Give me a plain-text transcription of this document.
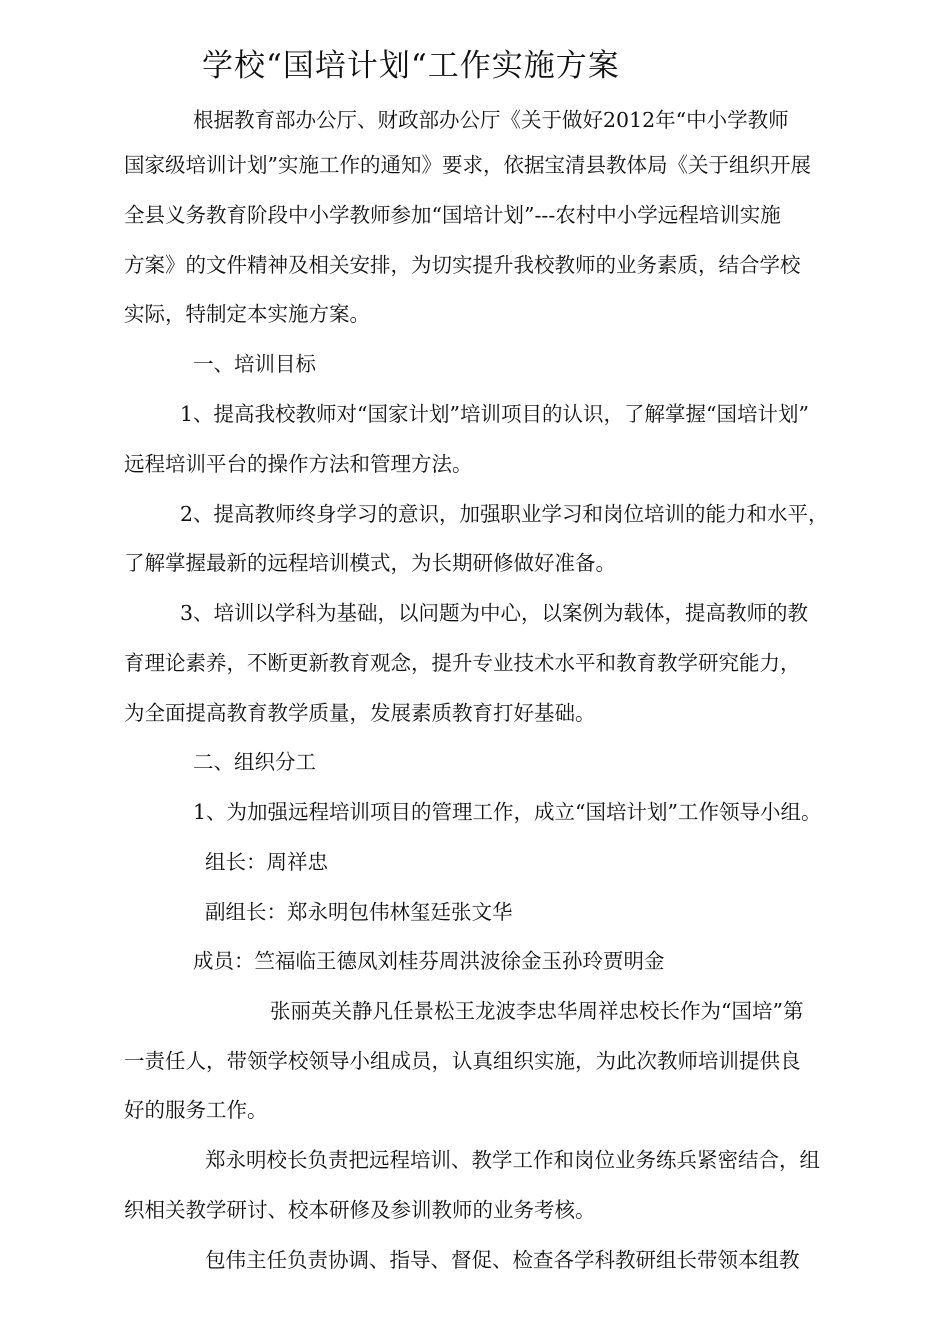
学校“国培计划“工作实施方案
根据教育部办公厅、财政部办公厅《关于做好2012年“中小学教师
国家级培训计划”实施工作的通知》要求，依据宝清县教体局《关于组织开展
全县义务教育阶段中小学教师参加“国培计划”---农村中小学远程培训实施
方案》的文件精神及相关安排，为切实提升我校教师的业务素质，结合学校
实际，特制定本实施方案。
一、培训目标
1、提高我校教师对“国家计划”培训项目的认识，了解掌握“国培计划”
远程培训平台的操作方法和管理方法。
2、提高教师终身学习的意识，加强职业学习和岗位培训的能力和水平，
了解掌握最新的远程培训模式，为长期研修做好准备。
3、培训以学科为基础，以问题为中心，以案例为载体，提高教师的教
育理论素养，不断更新教育观念，提升专业技术水平和教育教学研究能力，
为全面提高教育教学质量，发展素质教育打好基础。
二、组织分工
1、为加强远程培训项目的管理工作，成立“国培计划”工作领导小组。
组长：周祥忠
副组长：郑永明包伟林玺廷张文华
成员：竺福临王德凤刘桂芬周洪波徐金玉孙玲贾明金
张丽英关静凡任景松王龙波李忠华周祥忠校长作为“国培”第
一责任人，带领学校领导小组成员，认真组织实施，为此次教师培训提供良
好的服务工作。
郑永明校长负责把远程培训、教学工作和岗位业务练兵紧密结合，组
织相关教学研讨、校本研修及参训教师的业务考核。
包伟主任负责协调、指导、督促、检查各学科教研组长带领本组教
